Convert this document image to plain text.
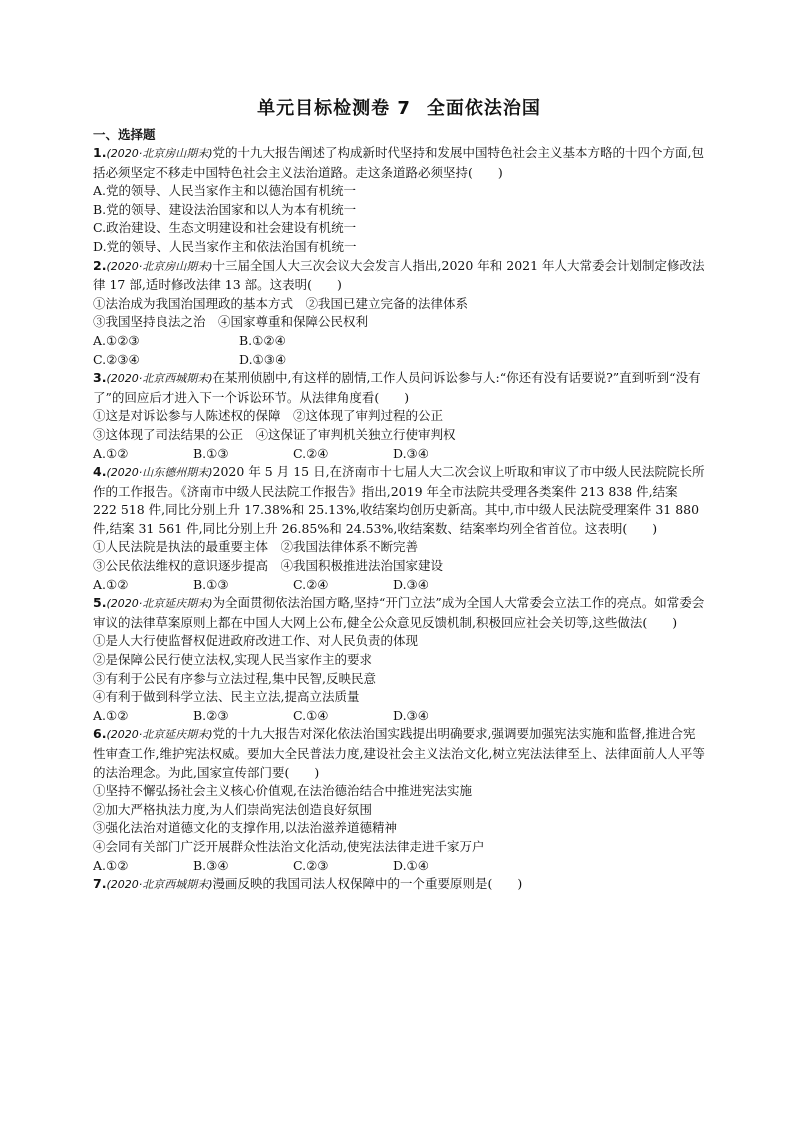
单元目标检测卷 7 全面依法治国
一、选择题
1.(2020·北京房山期末)党的十九大报告阐述了构成新时代坚持和发展中国特色社会主义基本方略的十四个方面,包括必须坚定不移走中国特色社会主义法治道路。走这条道路必须坚持(　　)
A.党的领导、人民当家作主和以德治国有机统一
B.党的领导、建设法治国家和以人为本有机统一
C.政治建设、生态文明建设和社会建设有机统一
D.党的领导、人民当家作主和依法治国有机统一
2.(2020·北京房山期末)十三届全国人大三次会议大会发言人指出,2020 年和 2021 年人大常委会计划制定修改法律 17 部,适时修改法律 13 部。这表明(　　)
①法治成为我国治国理政的基本方式　②我国已建立完备的法律体系
③我国坚持良法之治　④国家尊重和保障公民权利
A.①②③	B.①②④
C.②③④	D.①③④
3.(2020·北京西城期末)在某刑侦剧中,有这样的剧情,工作人员问诉讼参与人:“你还有没有话要说?”直到听到“没有了”的回应后才进入下一个诉讼环节。从法律角度看(　　)
①这是对诉讼参与人陈述权的保障　②这体现了审判过程的公正
③这体现了司法结果的公正　④这保证了审判机关独立行使审判权
A.①②	B.①③	C.②④	D.③④
4.(2020·山东德州期末)2020 年 5 月 15 日,在济南市十七届人大二次会议上听取和审议了市中级人民法院院长所作的工作报告。《济南市中级人民法院工作报告》指出,2019 年全市法院共受理各类案件 213 838 件,结案 222 518 件,同比分别上升 17.38%和 25.13%,收结案均创历史新高。其中,市中级人民法院受理案件 31 880 件,结案 31 561 件,同比分别上升 26.85%和 24.53%,收结案数、结案率均列全省首位。这表明(　　)
①人民法院是执法的最重要主体　②我国法律体系不断完善
③公民依法维权的意识逐步提高　④我国积极推进法治国家建设
A.①②	B.①③	C.②④	D.③④
5.(2020·北京延庆期末)为全面贯彻依法治国方略,坚持“开门立法”成为全国人大常委会立法工作的亮点。如常委会审议的法律草案原则上都在中国人大网上公布,健全公众意见反馈机制,积极回应社会关切等,这些做法(　　)
①是人大行使监督权促进政府改进工作、对人民负责的体现
②是保障公民行使立法权,实现人民当家作主的要求
③有利于公民有序参与立法过程,集中民智,反映民意
④有利于做到科学立法、民主立法,提高立法质量
A.①②	B.②③	C.①④	D.③④
6.(2020·北京延庆期末)党的十九大报告对深化依法治国实践提出明确要求,强调要加强宪法实施和监督,推进合宪性审查工作,维护宪法权威。要加大全民普法力度,建设社会主义法治文化,树立宪法法律至上、法律面前人人平等的法治理念。为此,国家宣传部门要(　　)
①坚持不懈弘扬社会主义核心价值观,在法治德治结合中推进宪法实施
②加大严格执法力度,为人们崇尚宪法创造良好氛围
③强化法治对道德文化的支撑作用,以法治滋养道德精神
④会同有关部门广泛开展群众性法治文化活动,使宪法法律走进千家万户
A.①②	B.③④	C.②③	D.①④
7.(2020·北京西城期末)漫画反映的我国司法人权保障中的一个重要原则是(　　)
